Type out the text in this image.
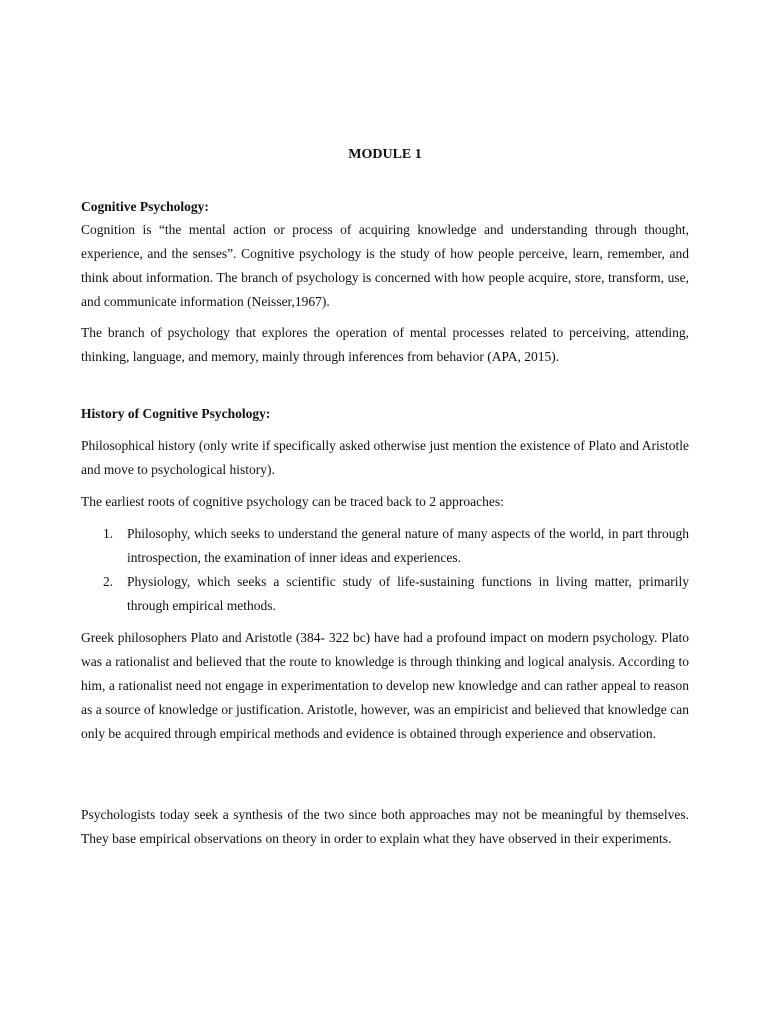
MODULE 1
Cognitive Psychology:

Cognition is “the mental action or process of acquiring knowledge and understanding through thought, experience, and the senses”. Cognitive psychology is the study of how people perceive, learn, remember, and think about information. The branch of psychology is concerned with how people acquire, store, transform, use, and communicate information (Neisser,1967).

The branch of psychology that explores the operation of mental processes related to perceiving, attending, thinking, language, and memory, mainly through inferences from behavior (APA, 2015).

History of Cognitive Psychology:

Philosophical history (only write if specifically asked otherwise just mention the existence of Plato and Aristotle and move to psychological history).

The earliest roots of cognitive psychology can be traced back to 2 approaches:

1. Philosophy, which seeks to understand the general nature of many aspects of the world, in part through introspection, the examination of inner ideas and experiences.
2. Physiology, which seeks a scientific study of life-sustaining functions in living matter, primarily through empirical methods.

Greek philosophers Plato and Aristotle (384- 322 bc) have had a profound impact on modern psychology. Plato was a rationalist and believed that the route to knowledge is through thinking and logical analysis. According to him, a rationalist need not engage in experimentation to develop new knowledge and can rather appeal to reason as a source of knowledge or justification. Aristotle, however, was an empiricist and believed that knowledge can only be acquired through empirical methods and evidence is obtained through experience and observation.

Psychologists today seek a synthesis of the two since both approaches may not be meaningful by themselves. They base empirical observations on theory in order to explain what they have observed in their experiments.
